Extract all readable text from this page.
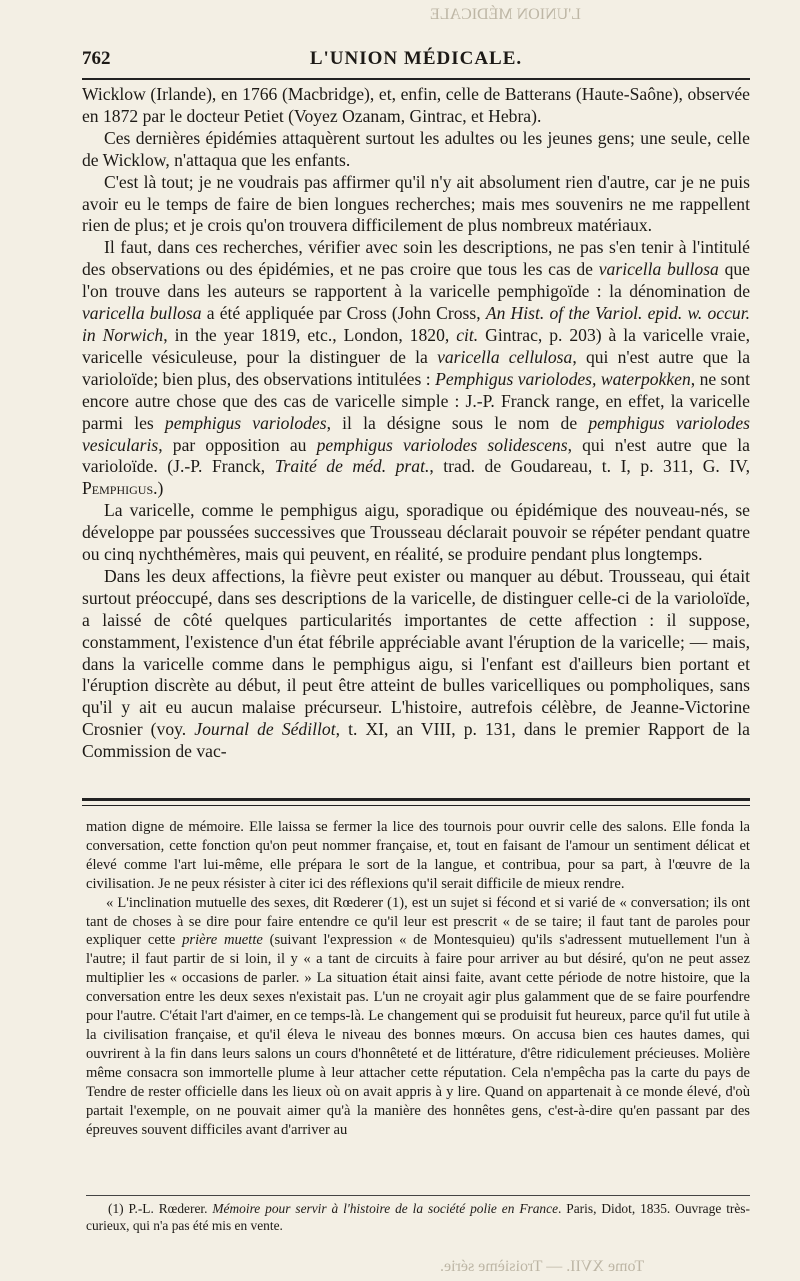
L'UNION MÉDICALE
Tome XVII. — Troisième série.
762	L'UNION MÉDICALE.

Wicklow (Irlande), en 1766 (Macbridge), et, enfin, celle de Batterans (Haute-Saône), observée en 1872 par le docteur Petiet (Voyez Ozanam, Gintrac, et Hebra).

Ces dernières épidémies attaquèrent surtout les adultes ou les jeunes gens; une seule, celle de Wicklow, n'attaqua que les enfants.

C'est là tout; je ne voudrais pas affirmer qu'il n'y ait absolument rien d'autre, car je ne puis avoir eu le temps de faire de bien longues recherches; mais mes souvenirs ne me rappellent rien de plus; et je crois qu'on trouvera difficilement de plus nombreux matériaux.

Il faut, dans ces recherches, vérifier avec soin les descriptions, ne pas s'en tenir à l'intitulé des observations ou des épidémies, et ne pas croire que tous les cas de varicella bullosa que l'on trouve dans les auteurs se rapportent à la varicelle pemphigoïde : la dénomination de varicella bullosa a été appliquée par Cross (John Cross, An Hist. of the Variol. epid. w. occur. in Norwich, in the year 1819, etc., London, 1820, cit. Gintrac, p. 203) à la varicelle vraie, varicelle vésiculeuse, pour la distinguer de la varicella cellulosa, qui n'est autre que la varioloïde; bien plus, des observations intitulées : Pemphigus variolodes, waterpokken, ne sont encore autre chose que des cas de varicelle simple : J.-P. Franck range, en effet, la varicelle parmi les pemphigus variolodes, il la désigne sous le nom de pemphigus variolodes vesicularis, par opposition au pemphigus variolodes solidescens, qui n'est autre que la varioloïde. (J.-P. Franck, Traité de méd. prat., trad. de Goudareau, t. I, p. 311, G. IV, Pemphigus.)

La varicelle, comme le pemphigus aigu, sporadique ou épidémique des nouveau-nés, se développe par poussées successives que Trousseau déclarait pouvoir se répéter pendant quatre ou cinq nychthémères, mais qui peuvent, en réalité, se produire pendant plus longtemps.

Dans les deux affections, la fièvre peut exister ou manquer au début. Trousseau, qui était surtout préoccupé, dans ses descriptions de la varicelle, de distinguer celle-ci de la varioloïde, a laissé de côté quelques particularités importantes de cette affection : il suppose, constamment, l'existence d'un état fébrile appréciable avant l'éruption de la varicelle; — mais, dans la varicelle comme dans le pemphigus aigu, si l'enfant est d'ailleurs bien portant et l'éruption discrète au début, il peut être atteint de bulles varicelliques ou pompholiques, sans qu'il y ait eu aucun malaise précurseur. L'histoire, autrefois célèbre, de Jeanne-Victorine Crosnier (voy. Journal de Sédillot, t. XI, an VIII, p. 131, dans le premier Rapport de la Commission de vac-

mation digne de mémoire. Elle laissa se fermer la lice des tournois pour ouvrir celle des salons. Elle fonda la conversation, cette fonction qu'on peut nommer française, et, tout en faisant de l'amour un sentiment délicat et élevé comme l'art lui-même, elle prépara le sort de la langue, et contribua, pour sa part, à l'œuvre de la civilisation. Je ne peux résister à citer ici des réflexions qu'il serait difficile de mieux rendre.

« L'inclination mutuelle des sexes, dit Rœderer (1), est un sujet si fécond et si varié de « conversation; ils ont tant de choses à se dire pour faire entendre ce qu'il leur est prescrit « de se taire; il faut tant de paroles pour expliquer cette prière muette (suivant l'expression « de Montesquieu) qu'ils s'adressent mutuellement l'un à l'autre; il faut partir de si loin, il y « a tant de circuits à faire pour arriver au but désiré, qu'on ne peut assez multiplier les « occasions de parler. » La situation était ainsi faite, avant cette période de notre histoire, que la conversation entre les deux sexes n'existait pas. L'un ne croyait agir plus galamment que de se faire pourfendre pour l'autre. C'était l'art d'aimer, en ce temps-là. Le changement qui se produisit fut heureux, parce qu'il fut utile à la civilisation française, et qu'il éleva le niveau des bonnes mœurs. On accusa bien ces hautes dames, qui ouvrirent à la fin dans leurs salons un cours d'honnêteté et de littérature, d'être ridiculement précieuses. Molière même consacra son immortelle plume à leur attacher cette réputation. Cela n'empêcha pas la carte du pays de Tendre de rester officielle dans les lieux où on avait appris à y lire. Quand on appartenait à ce monde élevé, d'où partait l'exemple, on ne pouvait aimer qu'à la manière des honnêtes gens, c'est-à-dire qu'en passant par des épreuves souvent difficiles avant d'arriver au

(1) P.-L. Rœderer. Mémoire pour servir à l'histoire de la société polie en France. Paris, Didot, 1835. Ouvrage très-curieux, qui n'a pas été mis en vente.
